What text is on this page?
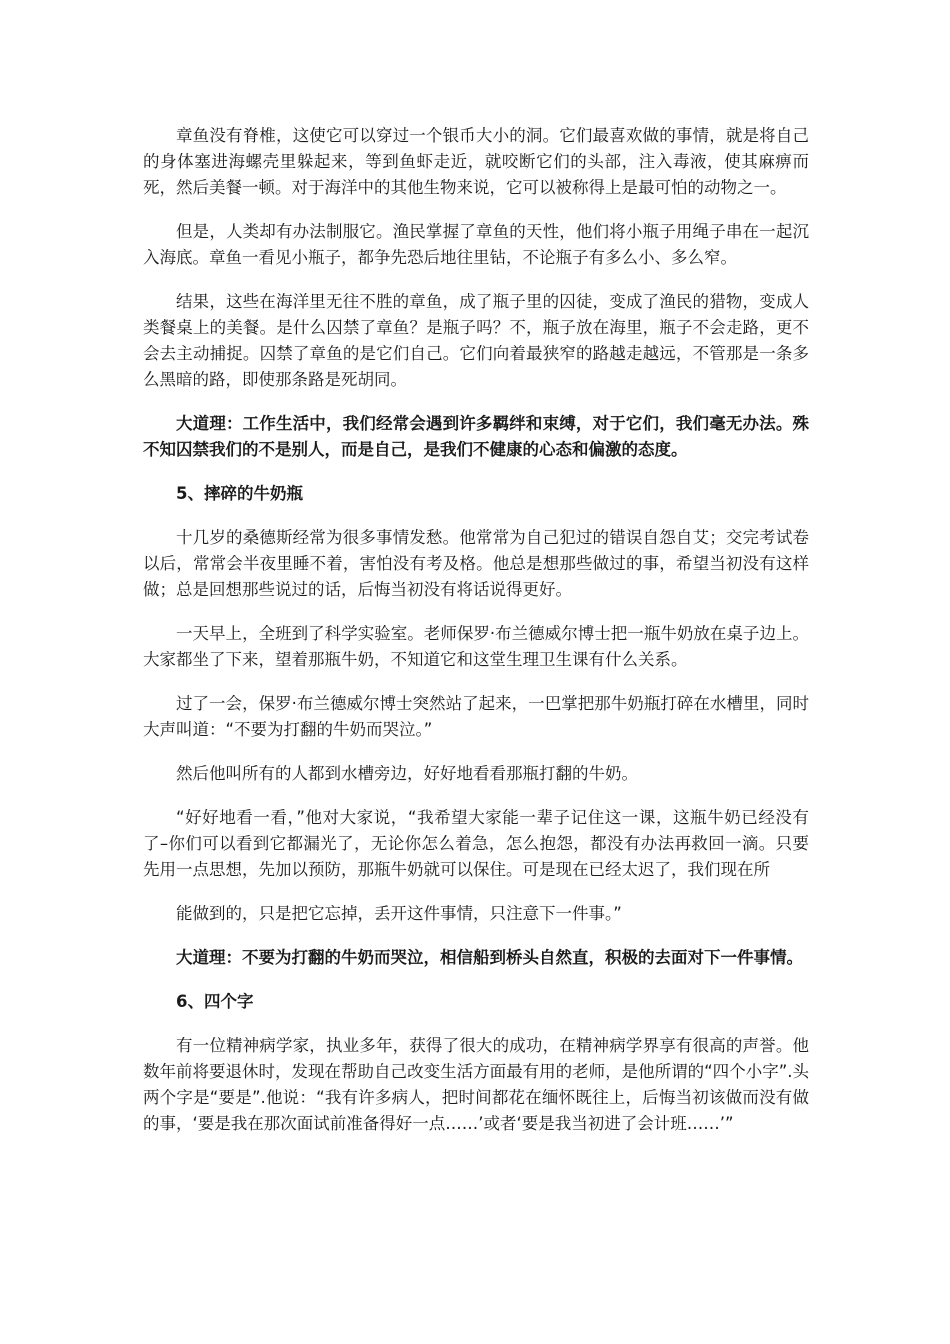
章鱼没有脊椎，这使它可以穿过一个银币大小的洞。它们最喜欢做的事情，就是将自己的身体塞进海螺壳里躲起来，等到鱼虾走近，就咬断它们的头部，注入毒液，使其麻痹而死，然后美餐一顿。对于海洋中的其他生物来说，它可以被称得上是最可怕的动物之一。

但是，人类却有办法制服它。渔民掌握了章鱼的天性，他们将小瓶子用绳子串在一起沉入海底。章鱼一看见小瓶子，都争先恐后地往里钻，不论瓶子有多么小、多么窄。

结果，这些在海洋里无往不胜的章鱼，成了瓶子里的囚徒，变成了渔民的猎物，变成人类餐桌上的美餐。是什么囚禁了章鱼？是瓶子吗？不，瓶子放在海里，瓶子不会走路，更不会去主动捕捉。囚禁了章鱼的是它们自己。它们向着最狭窄的路越走越远，不管那是一条多么黑暗的路，即使那条路是死胡同。

大道理：工作生活中，我们经常会遇到许多羁绊和束缚，对于它们，我们毫无办法。殊不知囚禁我们的不是别人，而是自己，是我们不健康的心态和偏激的态度。

5、摔碎的牛奶瓶

十几岁的桑德斯经常为很多事情发愁。他常常为自己犯过的错误自怨自艾；交完考试卷以后，常常会半夜里睡不着，害怕没有考及格。他总是想那些做过的事，希望当初没有这样做；总是回想那些说过的话，后悔当初没有将话说得更好。

一天早上，全班到了科学实验室。老师保罗·布兰德威尔博士把一瓶牛奶放在桌子边上。大家都坐了下来，望着那瓶牛奶，不知道它和这堂生理卫生课有什么关系。

过了一会，保罗·布兰德威尔博士突然站了起来，一巴掌把那牛奶瓶打碎在水槽里，同时大声叫道：“不要为打翻的牛奶而哭泣。”

然后他叫所有的人都到水槽旁边，好好地看看那瓶打翻的牛奶。

“好好地看一看，”他对大家说，“我希望大家能一辈子记住这一课，这瓶牛奶已经没有了–你们可以看到它都漏光了，无论你怎么着急，怎么抱怨，都没有办法再救回一滴。只要先用一点思想，先加以预防，那瓶牛奶就可以保住。可是现在已经太迟了，我们现在所

能做到的，只是把它忘掉，丢开这件事情，只注意下一件事。”

大道理：不要为打翻的牛奶而哭泣，相信船到桥头自然直，积极的去面对下一件事情。

6、四个字

有一位精神病学家，执业多年，获得了很大的成功，在精神病学界享有很高的声誉。他数年前将要退休时，发现在帮助自己改变生活方面最有用的老师，是他所谓的“四个小字”.头两个字是“要是”.他说：“我有许多病人，把时间都花在缅怀既往上，后悔当初该做而没有做的事，‘要是我在那次面试前准备得好一点……’或者‘要是我当初进了会计班……’”
